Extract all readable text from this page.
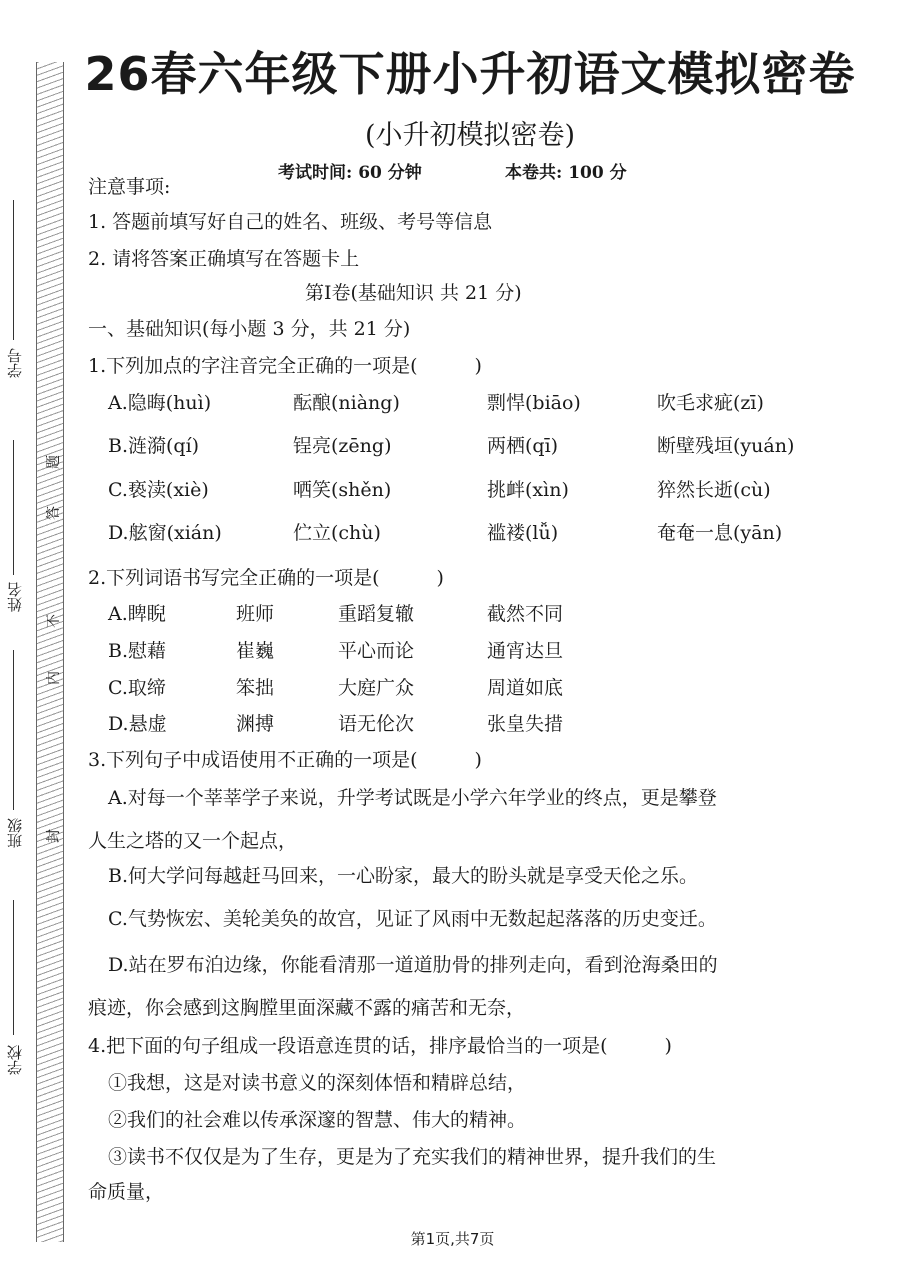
学号
姓名
班级
学校
题
答
不
内
封
26春六年级下册小升初语文模拟密卷
(小升初模拟密卷)
考试时间: 60 分钟	本卷共: 100 分
注意事项:
1. 答题前填写好自己的姓名、班级、考号等信息
2. 请将答案正确填写在答题卡上
第Ⅰ卷(基础知识 共 21 分)
一、基础知识(每小题 3 分，共 21 分)
1.下列加点的字注音完全正确的一项是(　　　)
A.隐晦(huì)	酝酿(niàng)	剽悍(biāo)	吹毛求疵(zī)
B.涟漪(qí)	锃亮(zēng)	两栖(qī)	断壁残垣(yuán)
C.亵渎(xiè)	哂笑(shěn)	挑衅(xìn)	猝然长逝(cù)
D.舷窗(xián)	伫立(chù)	褴褛(lǚ)	奄奄一息(yān)
2.下列词语书写完全正确的一项是(　　　)
A.睥睨	班师	重蹈复辙	截然不同
B.慰藉	崔巍	平心而论	通宵达旦
C.取缔	笨拙	大庭广众	周道如底
D.悬虚	渊搏	语无伦次	张皇失措
3.下列句子中成语使用不正确的一项是(　　　)
A.对每一个莘莘学子来说，升学考试既是小学六年学业的终点，更是攀登
人生之塔的又一个起点，
B.何大学问每越赶马回来，一心盼家，最大的盼头就是享受天伦之乐。
C.气势恢宏、美轮美奂的故宫，见证了风雨中无数起起落落的历史变迁。
D.站在罗布泊边缘，你能看清那一道道肋骨的排列走向，看到沧海桑田的
痕迹，你会感到这胸膛里面深藏不露的痛苦和无奈，
4.把下面的句子组成一段语意连贯的话，排序最恰当的一项是(　　　)
①我想，这是对读书意义的深刻体悟和精辟总结，
②我们的社会难以传承深邃的智慧、伟大的精神。
③读书不仅仅是为了生存，更是为了充实我们的精神世界，提升我们的生
命质量，
第1页,共7页
